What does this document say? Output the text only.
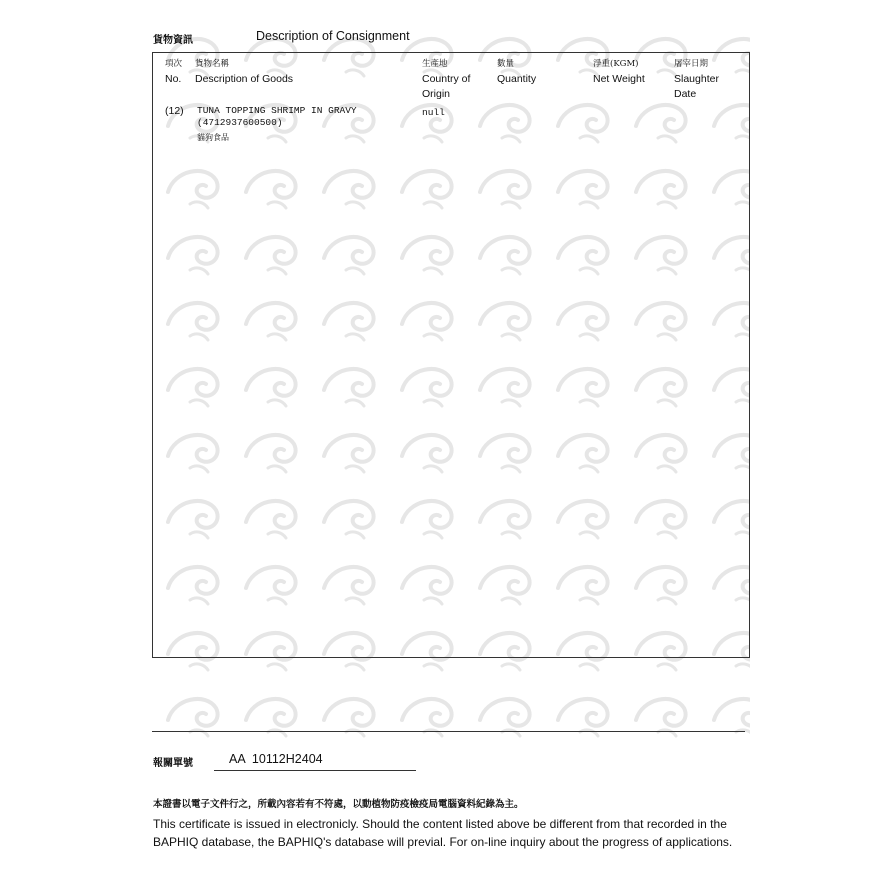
貨物資訊	Description of Consignment
項次
No.
貨物名稱
Description of Goods
生產地
Country of Origin
數量
Quantity
淨重(KGM)
Net Weight
屠宰日期
Slaughter Date
(12) TUNA TOPPING SHRIMP IN GRAVY
(4712937600500)
貓狗食品
null
報關單號	AA  10112H2404
本證書以電子文件行之，所載內容若有不符處，以動植物防疫檢疫局電腦資料紀錄為主。
This certificate is issued in electronicly. Should the content listed above be different from that recorded in the BAPHIQ database, the BAPHIQ's database will previal. For on-line inquiry about the progress of applications.
